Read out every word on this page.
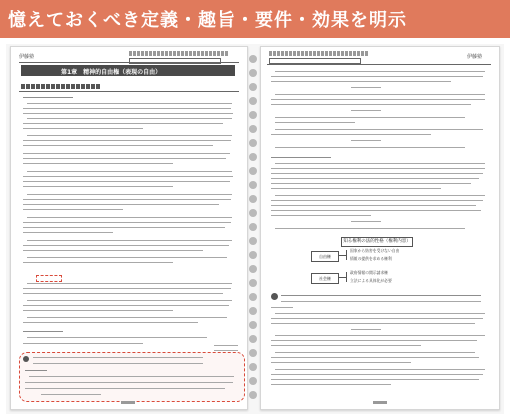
憶えておくべき定義・趣旨・要件・効果を明示
伊藤塾
第1章　精神的自由権（表現の自由）
伊藤塾
知る権利の法的性格（権利内容）
自由権
社会権
国家から妨害を受けない自由
情報の提供を求める権利
政府情報の開示請求権
立法による具体化が必要
